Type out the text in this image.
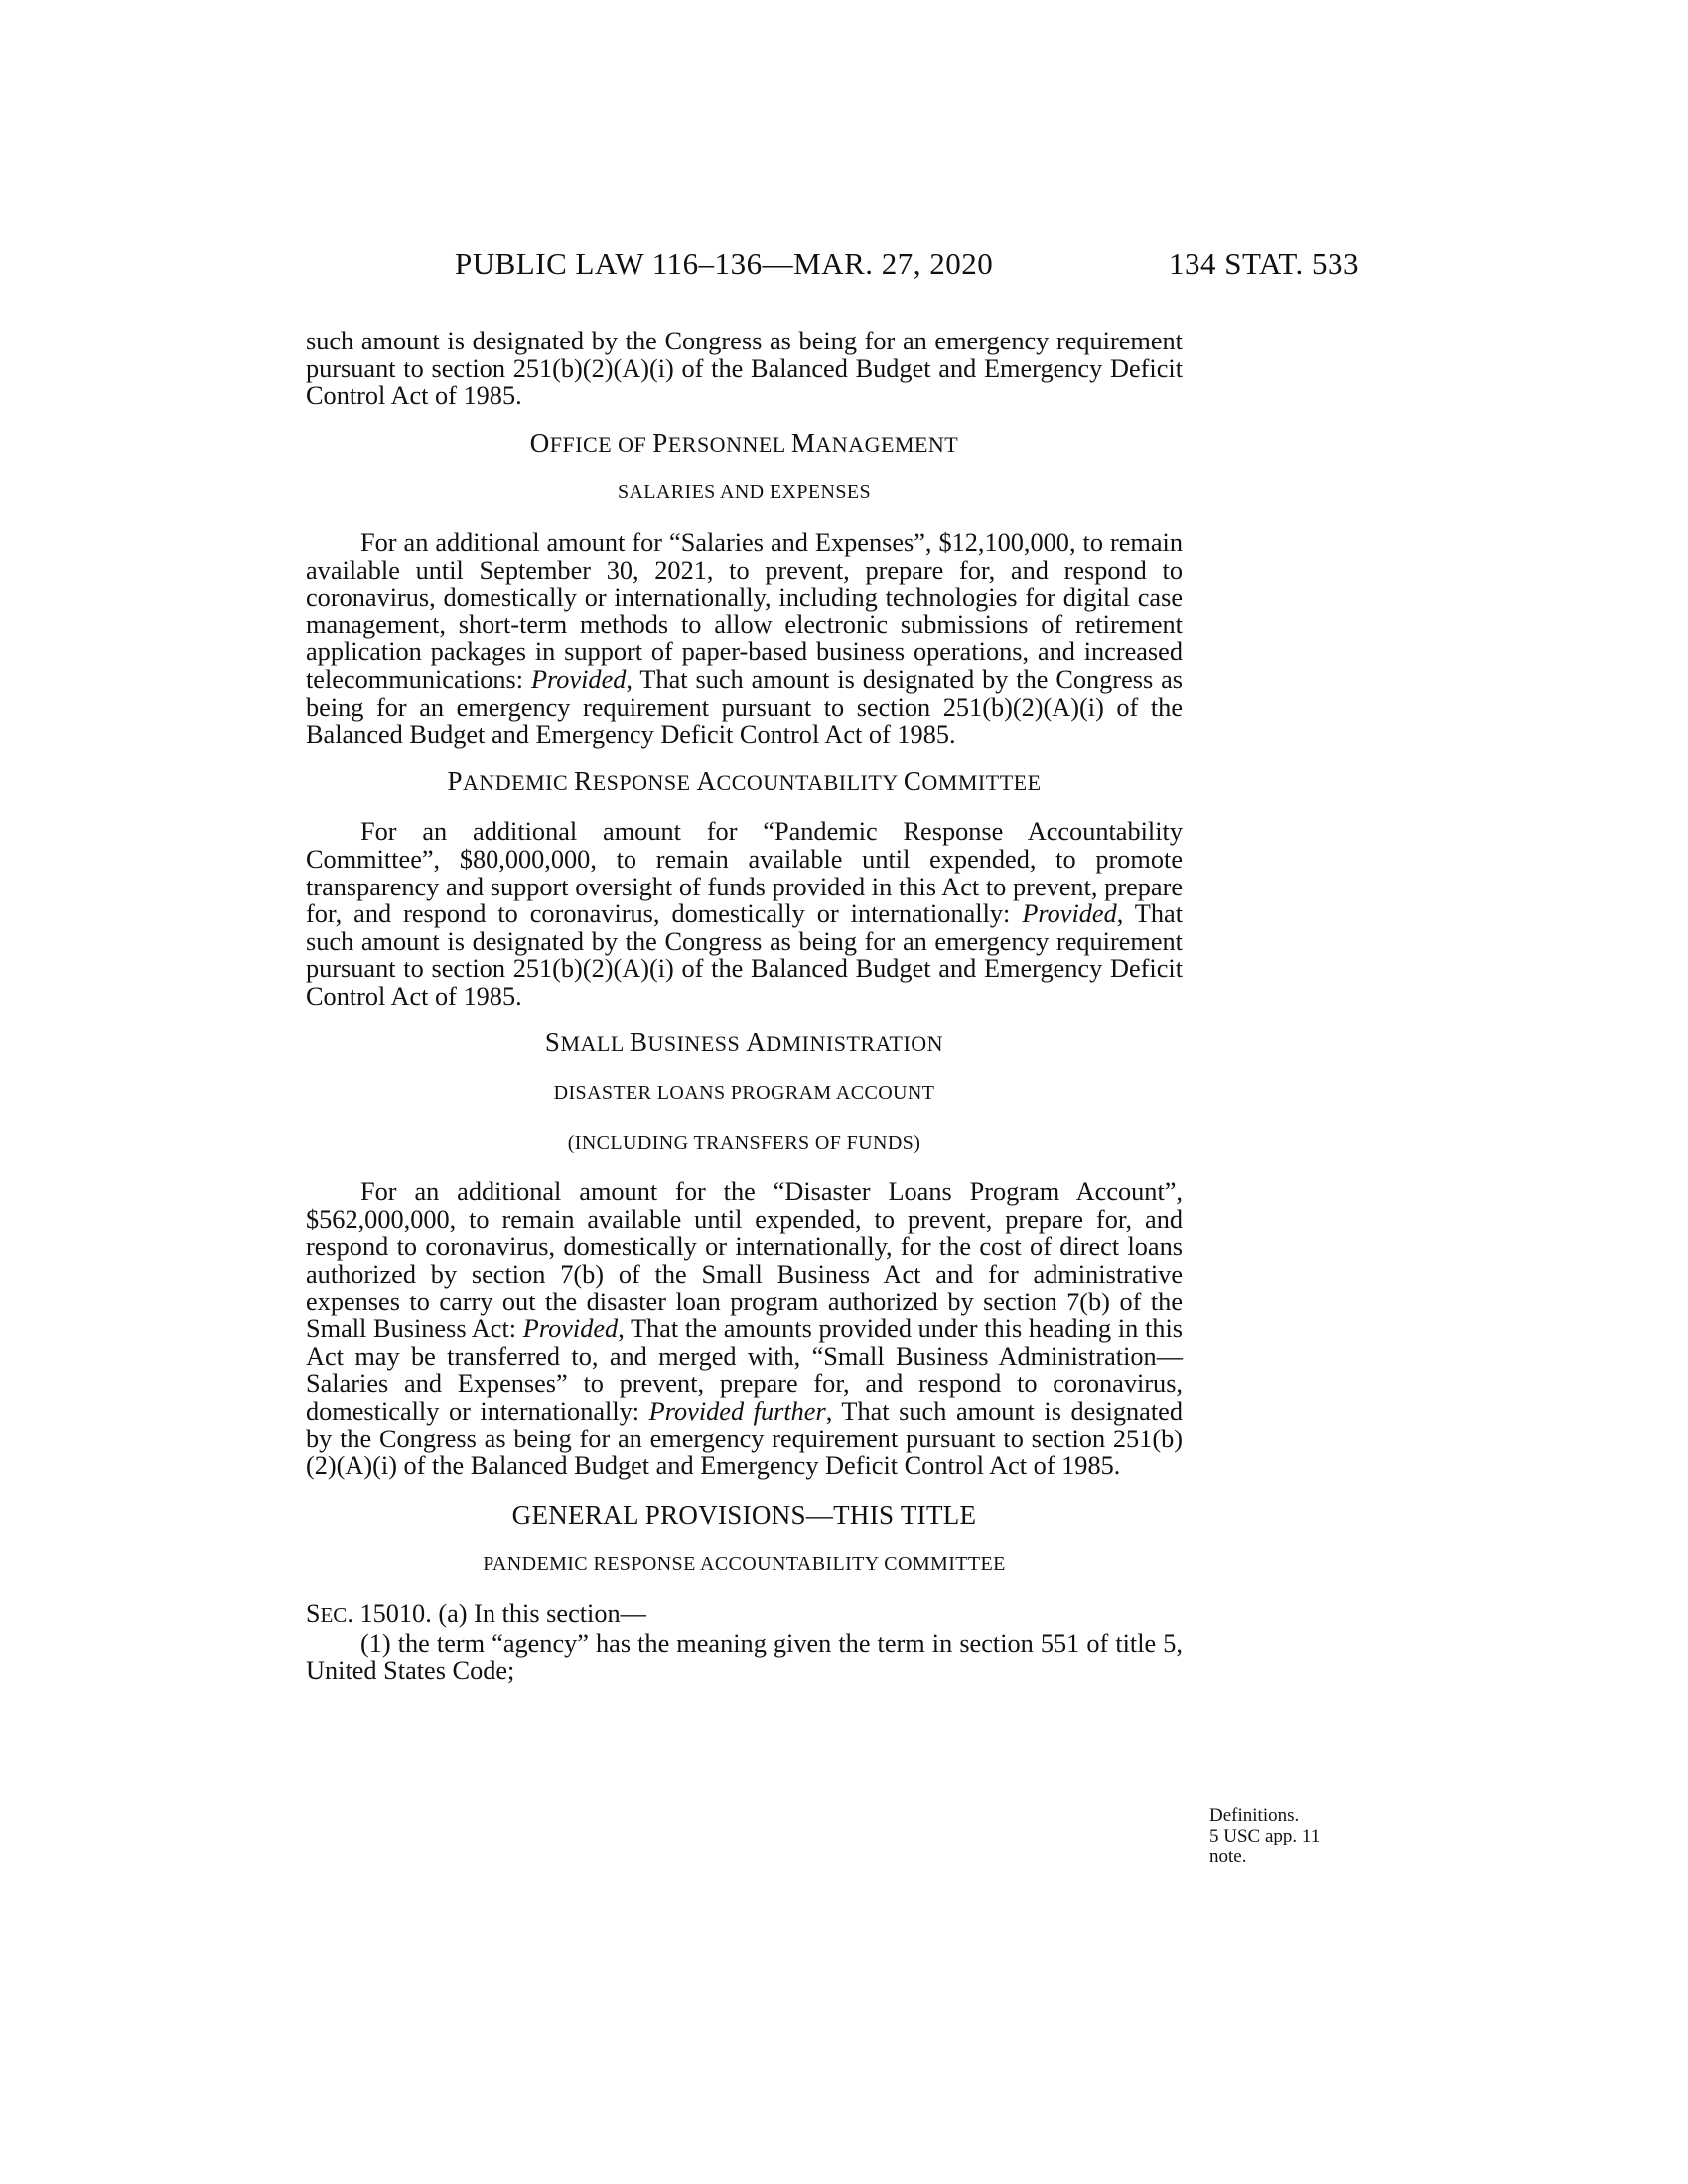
PUBLIC LAW 116–136—MAR. 27, 2020	134 STAT. 533

such amount is designated by the Congress as being for an emergency requirement pursuant to section 251(b)(2)(A)(i) of the Balanced Budget and Emergency Deficit Control Act of 1985.

OFFICE OF PERSONNEL MANAGEMENT
SALARIES AND EXPENSES

For an additional amount for “Salaries and Expenses”, $12,100,000, to remain available until September 30, 2021, to prevent, prepare for, and respond to coronavirus, domestically or internationally, including technologies for digital case management, short-term methods to allow electronic submissions of retirement application packages in support of paper-based business operations, and increased telecommunications: Provided, That such amount is designated by the Congress as being for an emergency requirement pursuant to section 251(b)(2)(A)(i) of the Balanced Budget and Emergency Deficit Control Act of 1985.

PANDEMIC RESPONSE ACCOUNTABILITY COMMITTEE

For an additional amount for “Pandemic Response Accountability Committee”, $80,000,000, to remain available until expended, to promote transparency and support oversight of funds provided in this Act to prevent, prepare for, and respond to coronavirus, domestically or internationally: Provided, That such amount is designated by the Congress as being for an emergency requirement pursuant to section 251(b)(2)(A)(i) of the Balanced Budget and Emergency Deficit Control Act of 1985.

SMALL BUSINESS ADMINISTRATION
DISASTER LOANS PROGRAM ACCOUNT
(INCLUDING TRANSFERS OF FUNDS)

For an additional amount for the “Disaster Loans Program Account”, $562,000,000, to remain available until expended, to prevent, prepare for, and respond to coronavirus, domestically or internationally, for the cost of direct loans authorized by section 7(b) of the Small Business Act and for administrative expenses to carry out the disaster loan program authorized by section 7(b) of the Small Business Act: Provided, That the amounts provided under this heading in this Act may be transferred to, and merged with, “Small Business Administration—Salaries and Expenses” to prevent, prepare for, and respond to coronavirus, domestically or internationally: Provided further, That such amount is designated by the Congress as being for an emergency requirement pursuant to section 251(b)(2)(A)(i) of the Balanced Budget and Emergency Deficit Control Act of 1985.

GENERAL PROVISIONS—THIS TITLE
PANDEMIC RESPONSE ACCOUNTABILITY COMMITTEE

SEC. 15010. (a) In this section—

(1) the term “agency” has the meaning given the term in section 551 of title 5, United States Code;

Definitions.
5 USC app. 11
note.
